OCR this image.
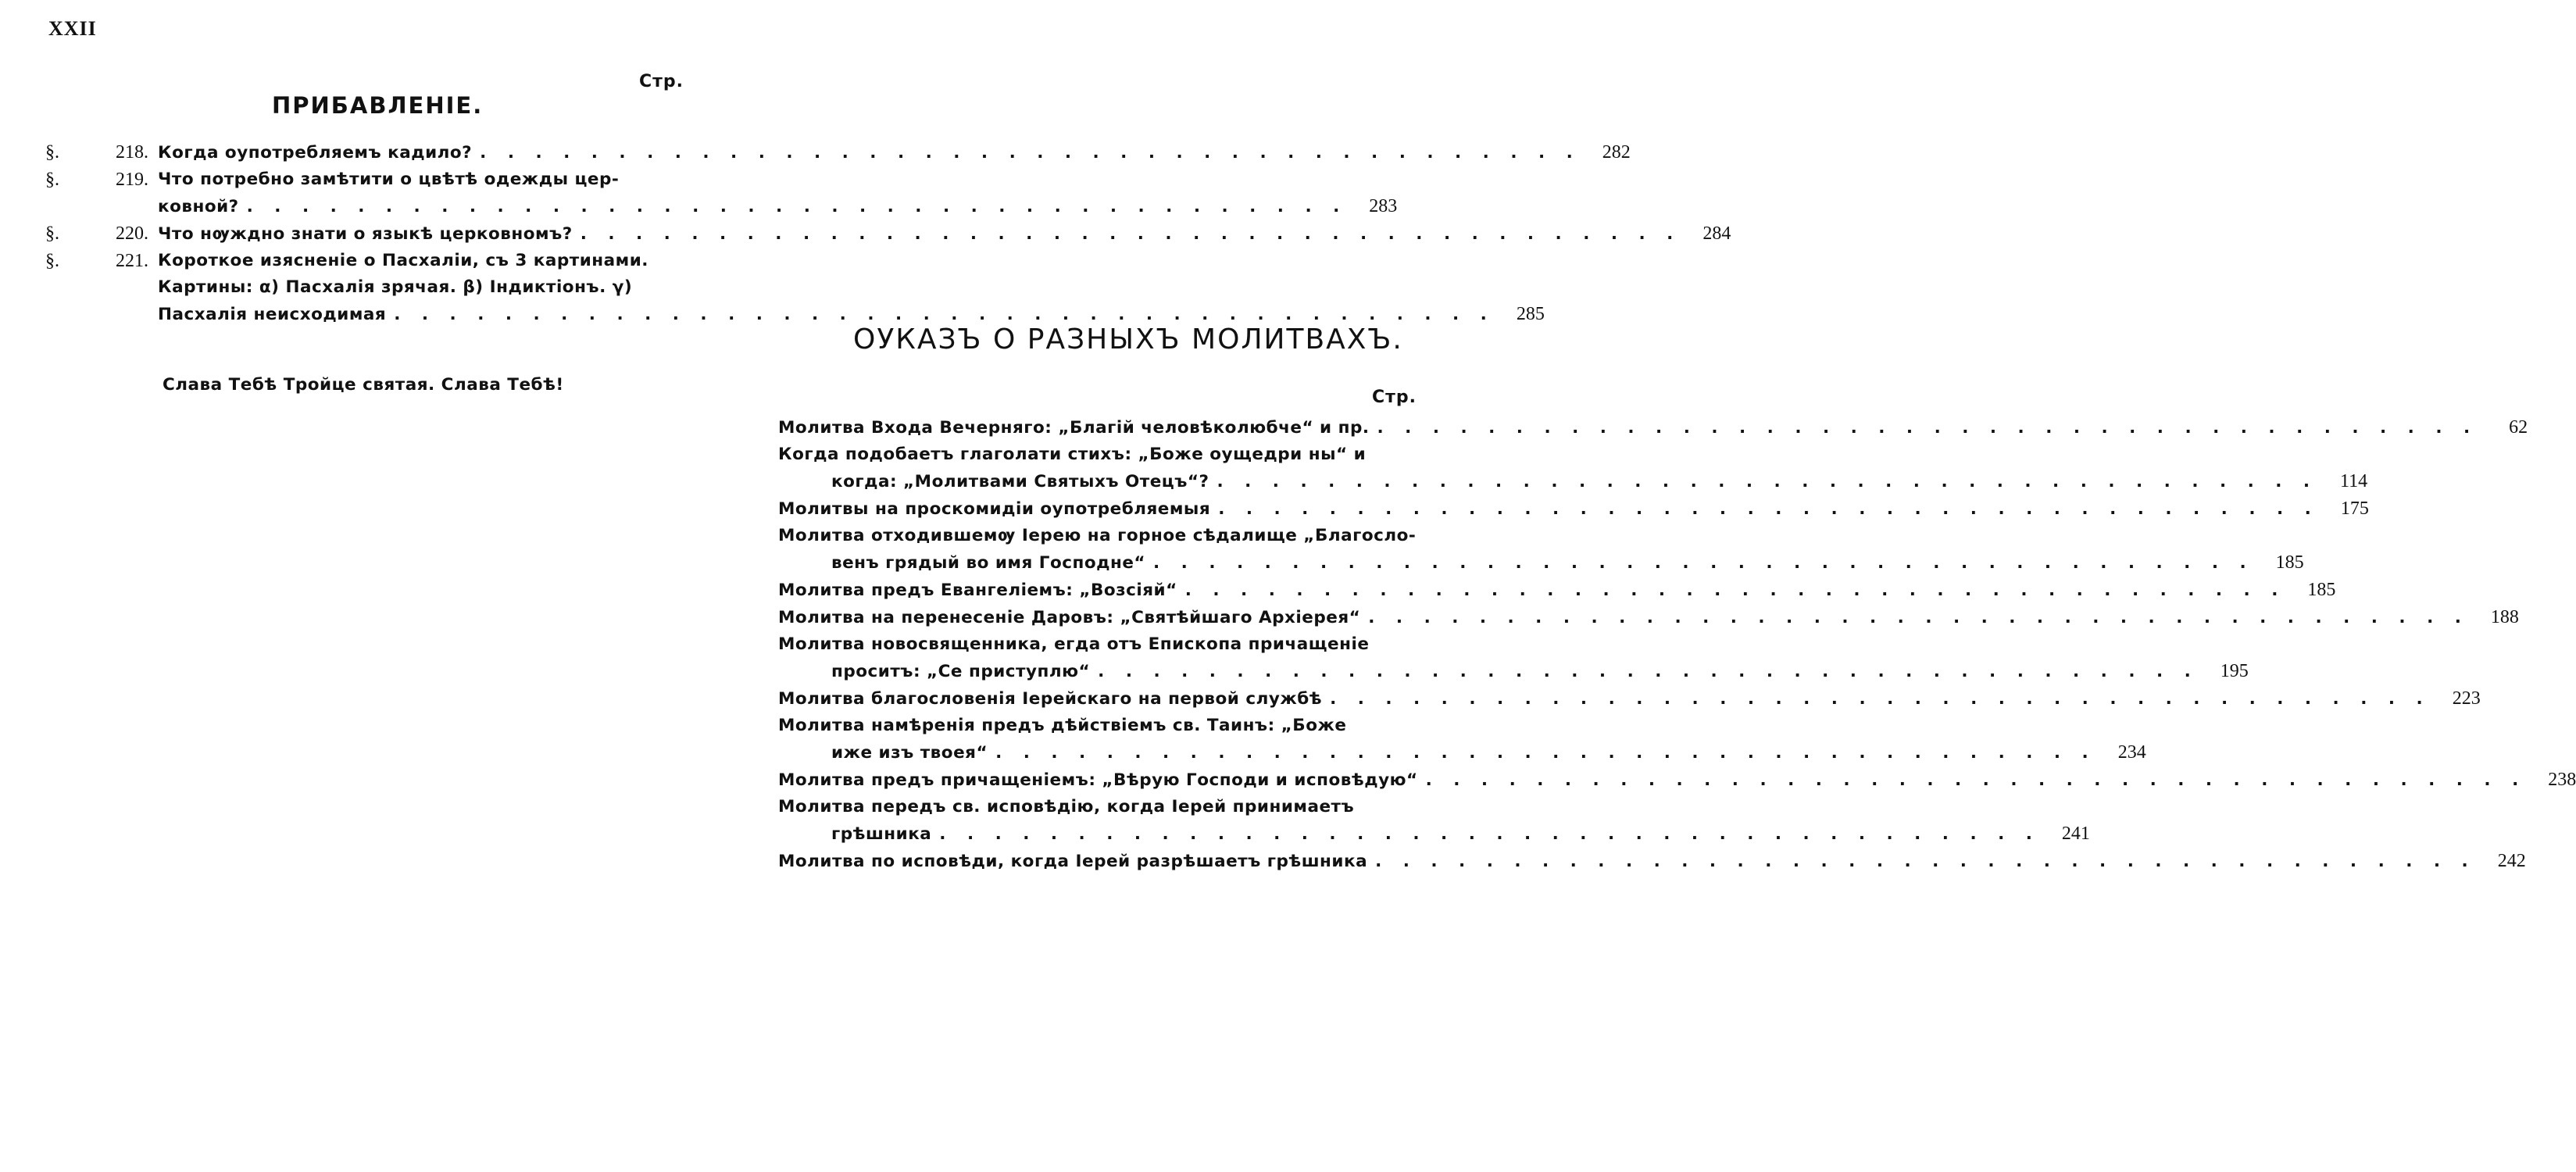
XXII
Стр.
ПРИБАВЛЕНІЕ.
§.	218. Когда оупотребляемъ кадило? . . . . . . . . . . . . . . . . . . . . . . . . . . . . . . . . . . . . . . . .	282
§.	219. Что потребно замѣтити о цвѣтѣ одежды цер-
ковной? . . . . . . . . . . . . . . . . . . . . . . . . . . . . . . . . . . . . . . . .	283
§.	220. Что нѹждно знати о языкѣ церковномъ? . . . . . . . . . . . . . . . . . . . . . . . . . . . . . . . . . . . . . . . .	284
§.	221. Короткое изясненіе о Пасхаліи, съ 3 картинами.
Картины: α) Пасхалія зрячая. β) Індиктіонъ. γ)
Пасхалія неисходимая . . . . . . . . . . . . . . . . . . . . . . . . . . . . . . . . . . . . . . . .	285
Слава Тебѣ Тройце святая. Слава Тебѣ!
ОУКАЗЪ О РАЗНЫХЪ МОЛИТВАХЪ.
Стр.
Молитва Входа Вечерняго: „Благій человѣколюбче“ и пр. . . . . . . . . . . . . . . . . . . . . . . . . . . . . . . . . . . . . . . . .	62
Когда подобаетъ глаголати стихъ: „Боже оущедри ны“ и
когда: „Молитвами Святыхъ Отецъ“? . . . . . . . . . . . . . . . . . . . . . . . . . . . . . . . . . . . . . . . .	114
Молитвы на проскомидіи оупотребляемыя . . . . . . . . . . . . . . . . . . . . . . . . . . . . . . . . . . . . . . . .	175
Молитва отходившемѹ Іерею на горное сѣдалище „Благосло-
венъ грядый во имя Господне“ . . . . . . . . . . . . . . . . . . . . . . . . . . . . . . . . . . . . . . . .	185
Молитва предъ Евангеліемъ: „Возсіяй“ . . . . . . . . . . . . . . . . . . . . . . . . . . . . . . . . . . . . . . . .	185
Молитва на перенесеніе Даровъ: „Святѣйшаго Архіерея“ . . . . . . . . . . . . . . . . . . . . . . . . . . . . . . . . . . . . . . . .	188
Молитва новосвященника, егда отъ Епископа причащеніе
проситъ: „Се приступлю“ . . . . . . . . . . . . . . . . . . . . . . . . . . . . . . . . . . . . . . . .	195
Молитва благословенія Іерейскаго на первой службѣ . . . . . . . . . . . . . . . . . . . . . . . . . . . . . . . . . . . . . . . .	223
Молитва намѣренія предъ дѣйствіемъ св. Таинъ: „Боже
иже изъ твоея“ . . . . . . . . . . . . . . . . . . . . . . . . . . . . . . . . . . . . . . . .	234
Молитва предъ причащеніемъ: „Вѣрую Господи и исповѣдую“ . . . . . . . . . . . . . . . . . . . . . . . . . . . . . . . . . . . . . . . .	238
Молитва передъ св. исповѣдію, когда Іерей принимаетъ
грѣшника . . . . . . . . . . . . . . . . . . . . . . . . . . . . . . . . . . . . . . . .	241
Молитва по исповѣди, когда Іерей разрѣшаетъ грѣшника . . . . . . . . . . . . . . . . . . . . . . . . . . . . . . . . . . . . . . . .	242
